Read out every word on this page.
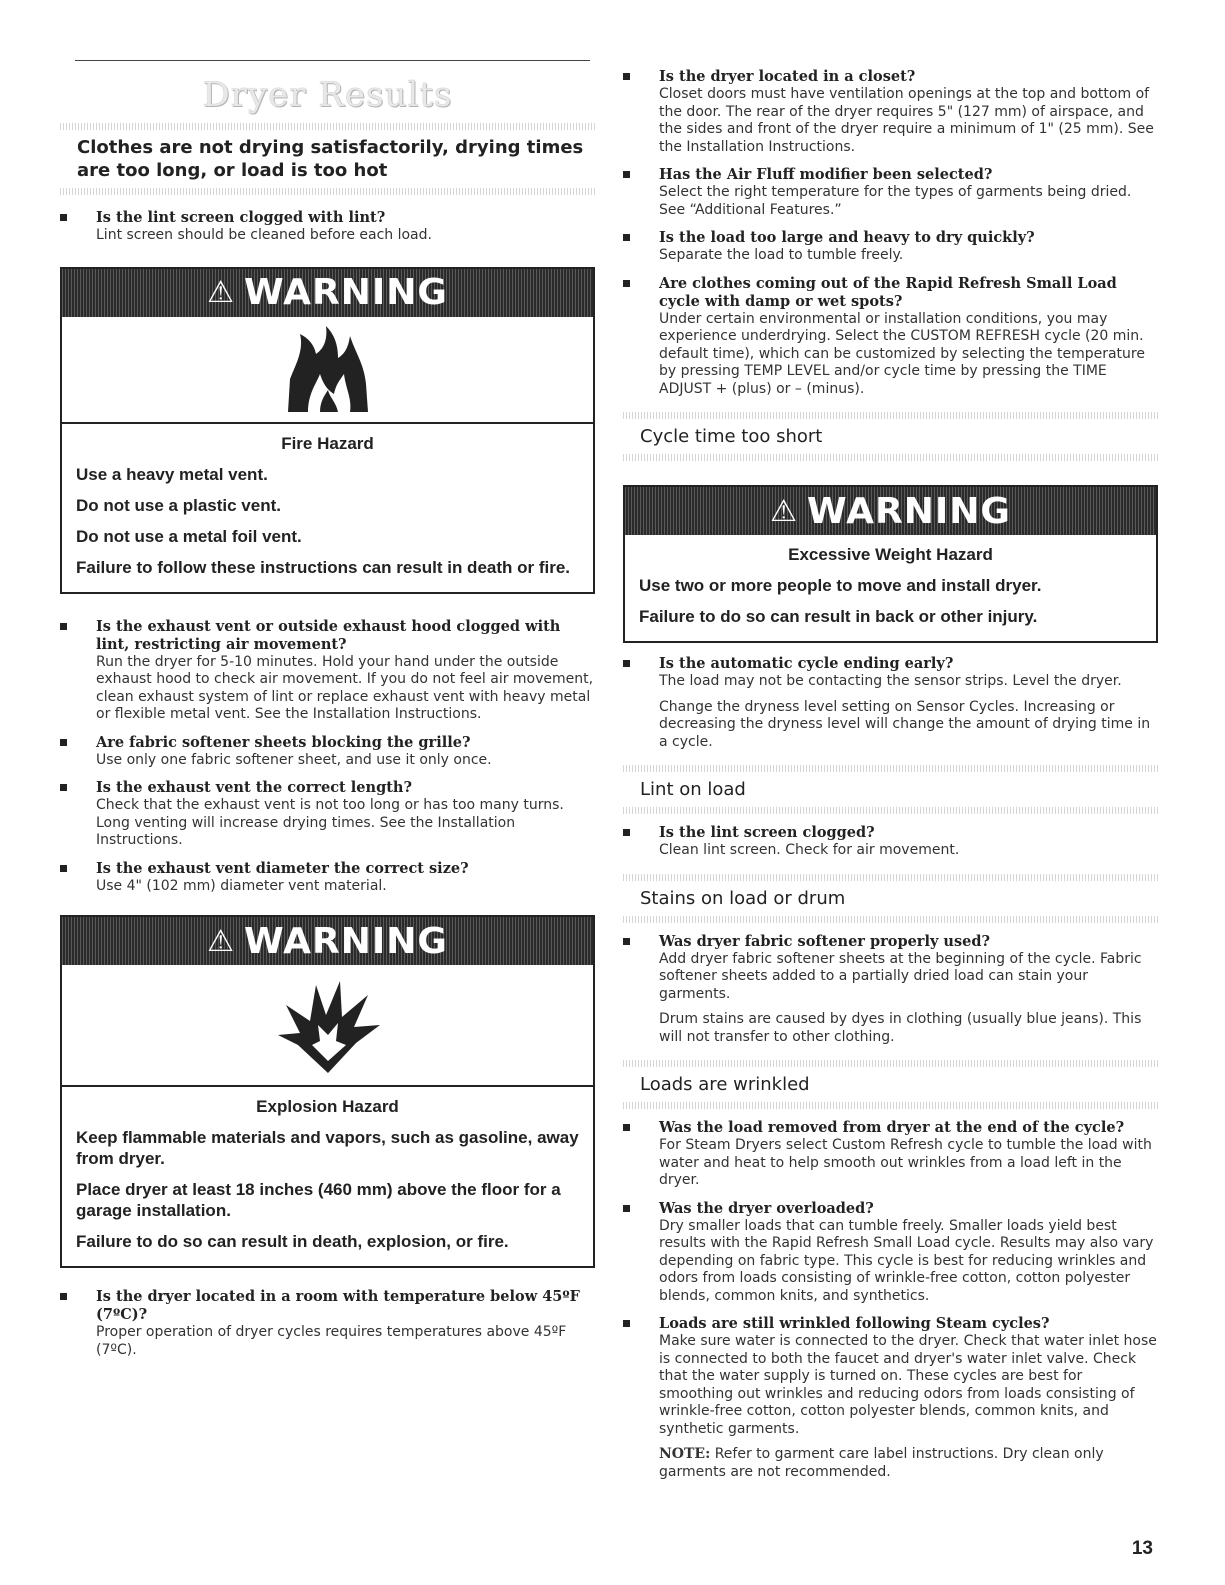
Dryer Results
Clothes are not drying satisfactorily, drying times are too long, or load is too hot
Is the lint screen clogged with lint?
Lint screen should be cleaned before each load.
⚠ WARNING
Fire Hazard
Use a heavy metal vent.
Do not use a plastic vent.
Do not use a metal foil vent.
Failure to follow these instructions can result in death or fire.
Is the exhaust vent or outside exhaust hood clogged with lint, restricting air movement?
Run the dryer for 5-10 minutes. Hold your hand under the outside exhaust hood to check air movement. If you do not feel air movement, clean exhaust system of lint or replace exhaust vent with heavy metal or flexible metal vent. See the Installation Instructions.
Are fabric softener sheets blocking the grille?
Use only one fabric softener sheet, and use it only once.
Is the exhaust vent the correct length?
Check that the exhaust vent is not too long or has too many turns. Long venting will increase drying times. See the Installation Instructions.
Is the exhaust vent diameter the correct size?
Use 4" (102 mm) diameter vent material.
⚠ WARNING
Explosion Hazard
Keep flammable materials and vapors, such as gasoline, away from dryer.
Place dryer at least 18 inches (460 mm) above the floor for a garage installation.
Failure to do so can result in death, explosion, or fire.
Is the dryer located in a room with temperature below 45ºF (7ºC)?
Proper operation of dryer cycles requires temperatures above 45ºF (7ºC).
Is the dryer located in a closet?
Closet doors must have ventilation openings at the top and bottom of the door. The rear of the dryer requires 5" (127 mm) of airspace, and the sides and front of the dryer require a minimum of 1" (25 mm). See the Installation Instructions.
Has the Air Fluff modifier been selected?
Select the right temperature for the types of garments being dried. See “Additional Features.”
Is the load too large and heavy to dry quickly?
Separate the load to tumble freely.
Are clothes coming out of the Rapid Refresh Small Load cycle with damp or wet spots?
Under certain environmental or installation conditions, you may experience underdrying. Select the CUSTOM REFRESH cycle (20 min. default time), which can be customized by selecting the temperature by pressing TEMP LEVEL and/or cycle time by pressing the TIME ADJUST + (plus) or – (minus).
Cycle time too short
⚠ WARNING
Excessive Weight Hazard
Use two or more people to move and install dryer.
Failure to do so can result in back or other injury.
Is the automatic cycle ending early?
The load may not be contacting the sensor strips. Level the dryer.
Change the dryness level setting on Sensor Cycles. Increasing or decreasing the dryness level will change the amount of drying time in a cycle.
Lint on load
Is the lint screen clogged?
Clean lint screen. Check for air movement.
Stains on load or drum
Was dryer fabric softener properly used?
Add dryer fabric softener sheets at the beginning of the cycle. Fabric softener sheets added to a partially dried load can stain your garments.
Drum stains are caused by dyes in clothing (usually blue jeans). This will not transfer to other clothing.
Loads are wrinkled
Was the load removed from dryer at the end of the cycle?
For Steam Dryers select Custom Refresh cycle to tumble the load with water and heat to help smooth out wrinkles from a load left in the dryer.
Was the dryer overloaded?
Dry smaller loads that can tumble freely. Smaller loads yield best results with the Rapid Refresh Small Load cycle. Results may also vary depending on fabric type. This cycle is best for reducing wrinkles and odors from loads consisting of wrinkle-free cotton, cotton polyester blends, common knits, and synthetics.
Loads are still wrinkled following Steam cycles?
Make sure water is connected to the dryer. Check that water inlet hose is connected to both the faucet and dryer's water inlet valve. Check that the water supply is turned on. These cycles are best for smoothing out wrinkles and reducing odors from loads consisting of wrinkle-free cotton, cotton polyester blends, common knits, and synthetic garments.
NOTE: Refer to garment care label instructions. Dry clean only garments are not recommended.
13
